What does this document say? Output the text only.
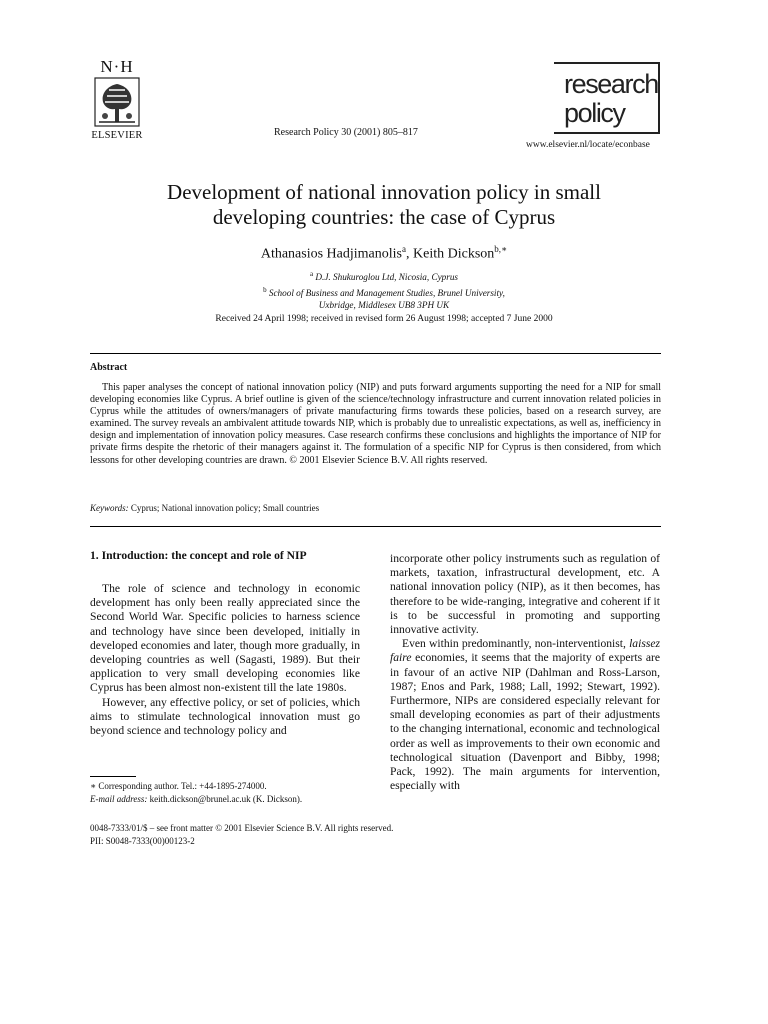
N·H
ELSEVIER	Research Policy 30 (2001) 805–817
research
policy
www.elsevier.nl/locate/econbase
Development of national innovation policy in small
developing countries: the case of Cyprus
Athanasios Hadjimanolis$^a$, Keith Dickson$^{b,∗}$
$^a$ D.J. Shukuroglou Ltd, Nicosia, Cyprus
$^b$ School of Business and Management Studies, Brunel University,
Uxbridge, Middlesex UB8 3PH UK
Received 24 April 1998; received in revised form 26 August 1998; accepted 7 June 2000
Abstract
This paper analyses the concept of national innovation policy (NIP) and puts forward arguments supporting the need for a NIP for small developing economies like Cyprus. A brief outline is given of the science/technology infrastructure and current innovation related policies in Cyprus while the attitudes of owners/managers of private manufacturing firms towards these policies, based on a research survey, are examined. The survey reveals an ambivalent attitude towards NIP, which is probably due to unrealistic expectations, as well as, inefficiency in design and implementation of innovation policy measures. Case research confirms these conclusions and highlights the importance of NIP for private firms despite the rhetoric of their managers against it. The formulation of a specific NIP for Cyprus is then considered, from which lessons for other developing countries are drawn. © 2001 Elsevier Science B.V. All rights reserved.
Keywords: Cyprus; National innovation policy; Small countries
1. Introduction: the concept and role of NIP

The role of science and technology in economic development has only been really appreciated since the Second World War. Specific policies to harness science and technology have since been developed, initially in developed economies and later, though more gradually, in developing countries as well (Sagasti, 1989). But their application to very small developing economies like Cyprus has been almost non-existent till the late 1980s.

However, any effective policy, or set of policies, which aims to stimulate technological innovation must go beyond science and technology policy and

incorporate other policy instruments such as regulation of markets, taxation, infrastructural development, etc. A national innovation policy (NIP), as it then becomes, has therefore to be wide-ranging, integrative and coherent if it is to be successful in promoting and supporting innovative activity.

Even within predominantly, non-interventionist, laissez faire economies, it seems that the majority of experts are in favour of an active NIP (Dahlman and Ross-Larson, 1987; Enos and Park, 1988; Lall, 1992; Stewart, 1992). Furthermore, NIPs are considered especially relevant for small developing economies as part of their adjustments to the changing international, economic and technological order as well as improvements to their own economic and technological situation (Davenport and Bibby, 1998; Pack, 1992). The main arguments for intervention, especially with

∗ Corresponding author. Tel.: +44-1895-274000.
E-mail address: keith.dickson@brunel.ac.uk (K. Dickson).
0048-7333/01/$ – see front matter © 2001 Elsevier Science B.V. All rights reserved.
PII: S0048-7333(00)00123-2
